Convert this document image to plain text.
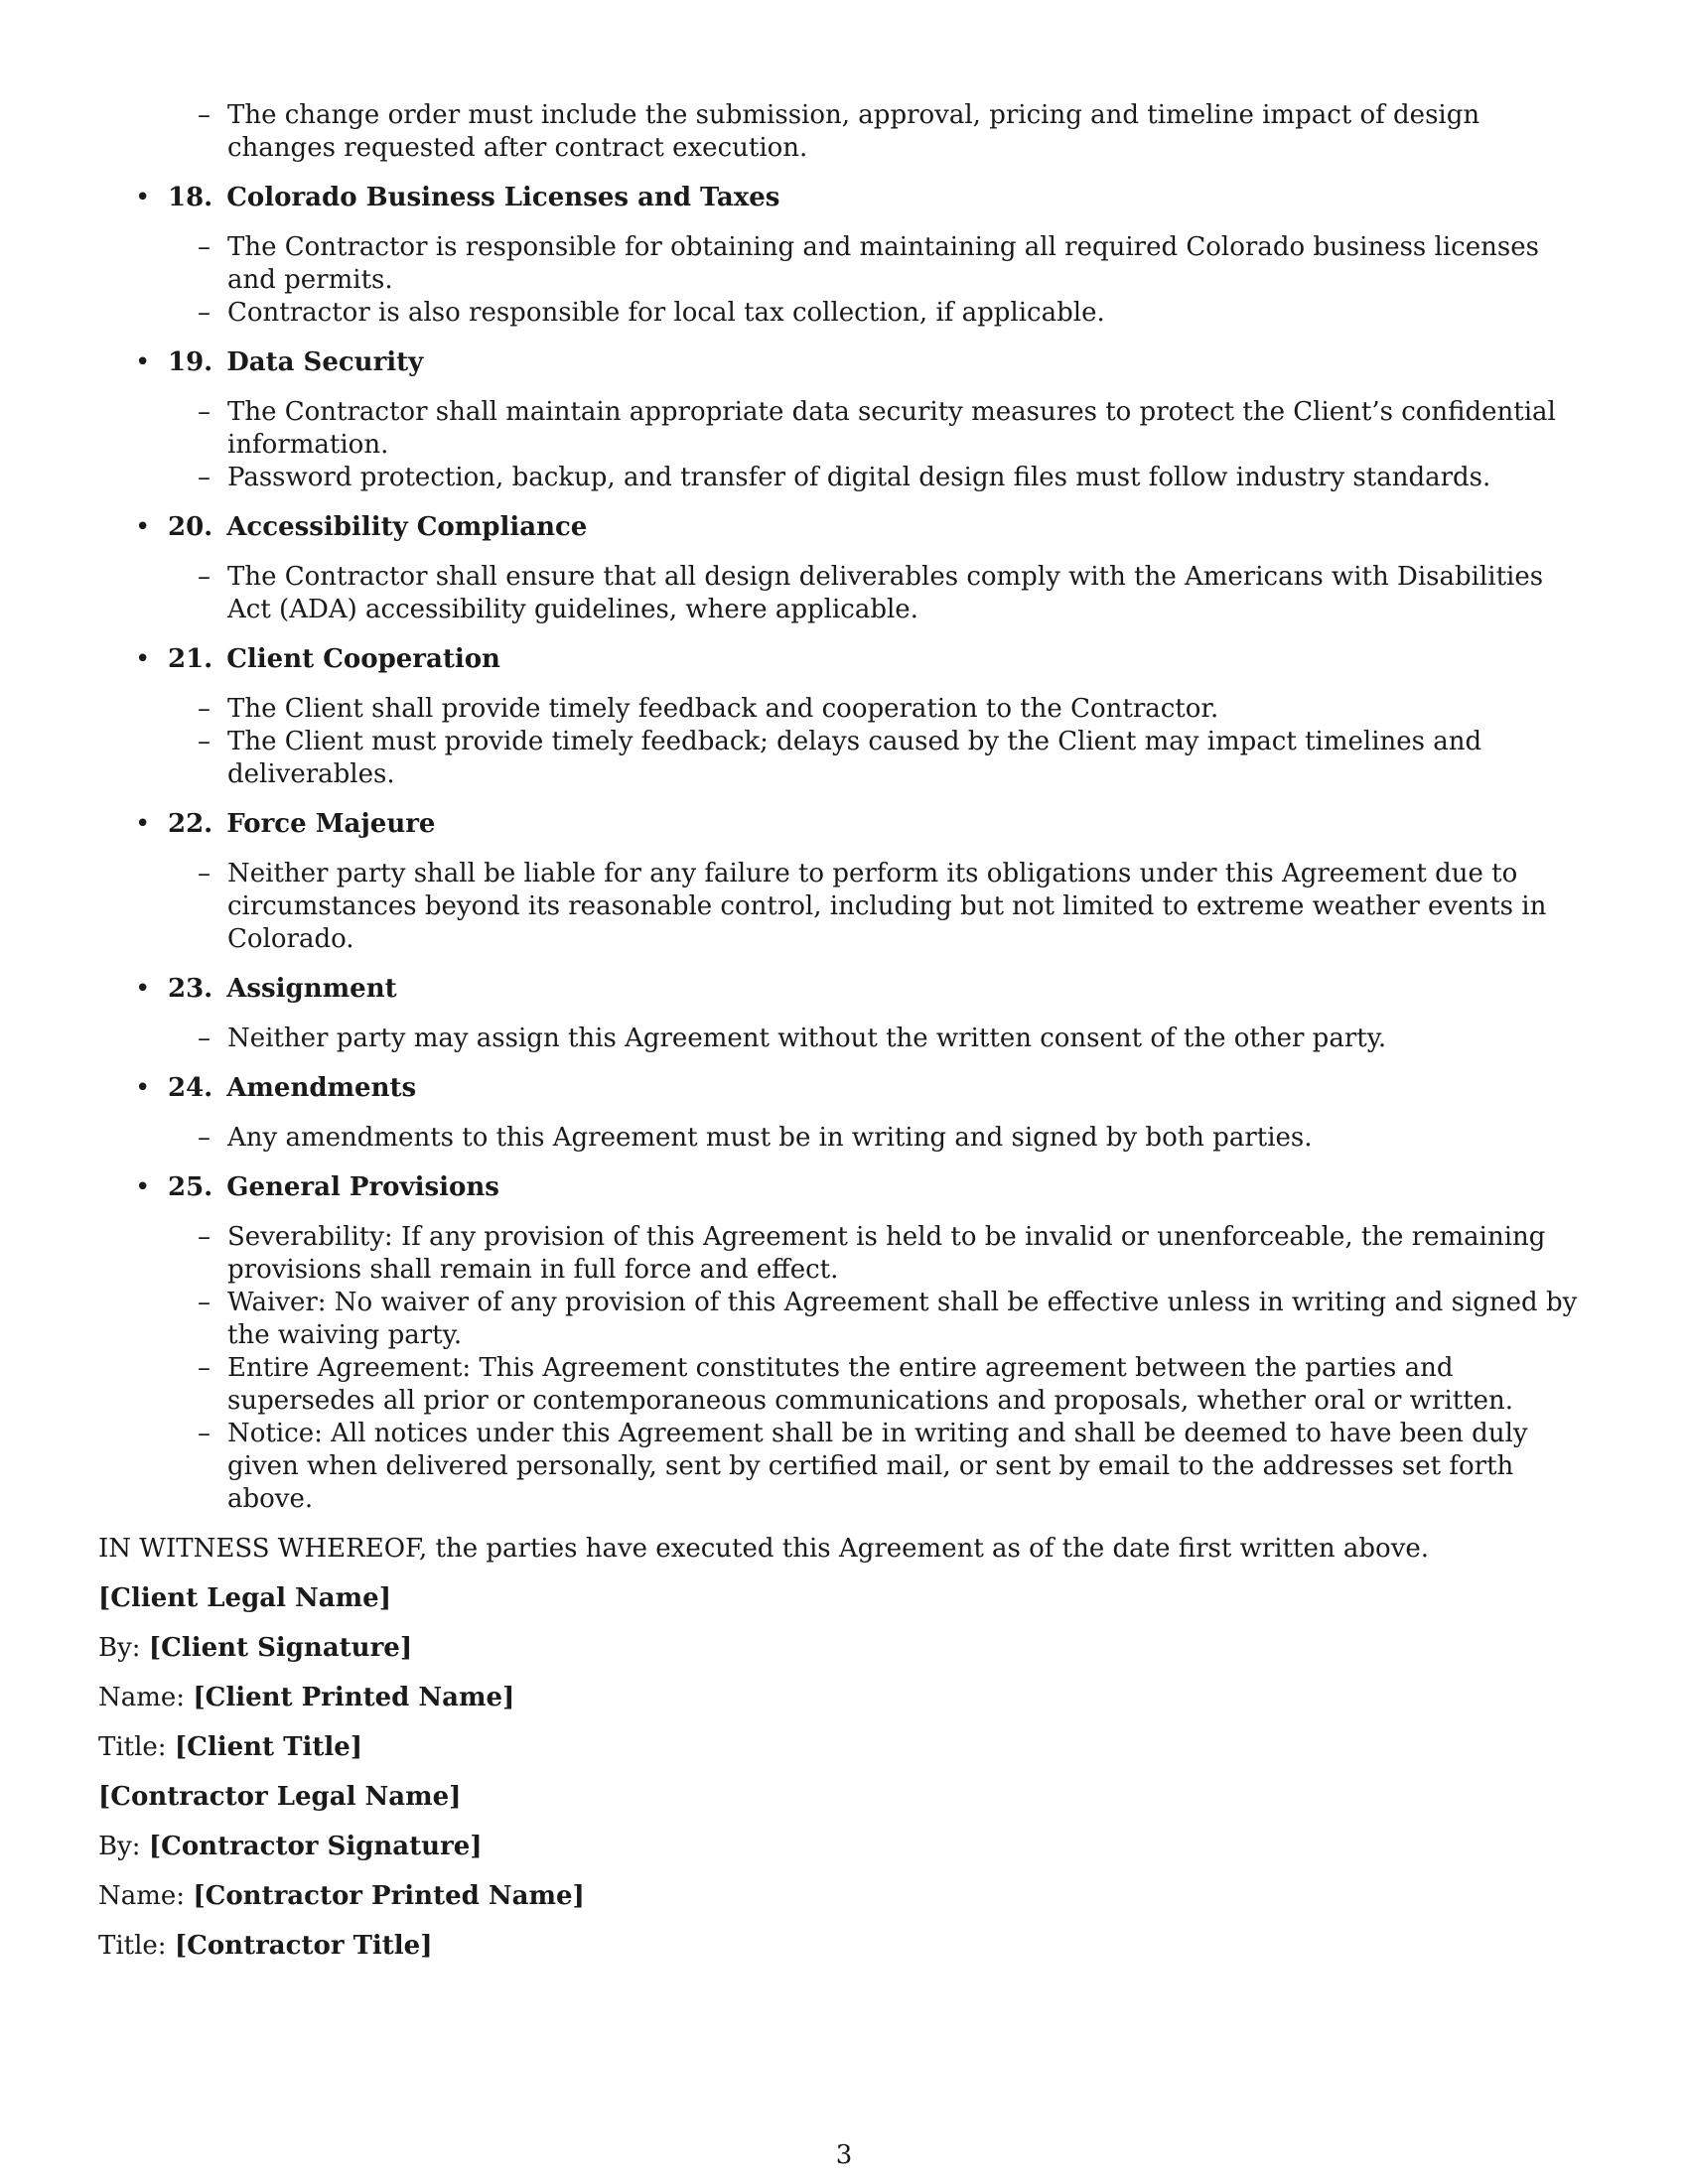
– The change order must include the submission, approval, pricing and timeline impact of design changes requested after contract execution.
• 18. Colorado Business Licenses and Taxes
– The Contractor is responsible for obtaining and maintaining all required Colorado business licenses and permits.
– Contractor is also responsible for local tax collection, if applicable.
• 19. Data Security
– The Contractor shall maintain appropriate data security measures to protect the Client’s confidential information.
– Password protection, backup, and transfer of digital design files must follow industry standards.
• 20. Accessibility Compliance
– The Contractor shall ensure that all design deliverables comply with the Americans with Disabilities Act (ADA) accessibility guidelines, where applicable.
• 21. Client Cooperation
– The Client shall provide timely feedback and cooperation to the Contractor.
– The Client must provide timely feedback; delays caused by the Client may impact timelines and deliverables.
• 22. Force Majeure
– Neither party shall be liable for any failure to perform its obligations under this Agreement due to circumstances beyond its reasonable control, including but not limited to extreme weather events in Colorado.
• 23. Assignment
– Neither party may assign this Agreement without the written consent of the other party.
• 24. Amendments
– Any amendments to this Agreement must be in writing and signed by both parties.
• 25. General Provisions
– Severability: If any provision of this Agreement is held to be invalid or unenforceable, the remaining provisions shall remain in full force and effect.
– Waiver: No waiver of any provision of this Agreement shall be effective unless in writing and signed by the waiving party.
– Entire Agreement: This Agreement constitutes the entire agreement between the parties and supersedes all prior or contemporaneous communications and proposals, whether oral or written.
– Notice: All notices under this Agreement shall be in writing and shall be deemed to have been duly given when delivered personally, sent by certified mail, or sent by email to the addresses set forth above.
IN WITNESS WHEREOF, the parties have executed this Agreement as of the date first written above.
[Client Legal Name]
By: [Client Signature]
Name: [Client Printed Name]
Title: [Client Title]
[Contractor Legal Name]
By: [Contractor Signature]
Name: [Contractor Printed Name]
Title: [Contractor Title]
3
